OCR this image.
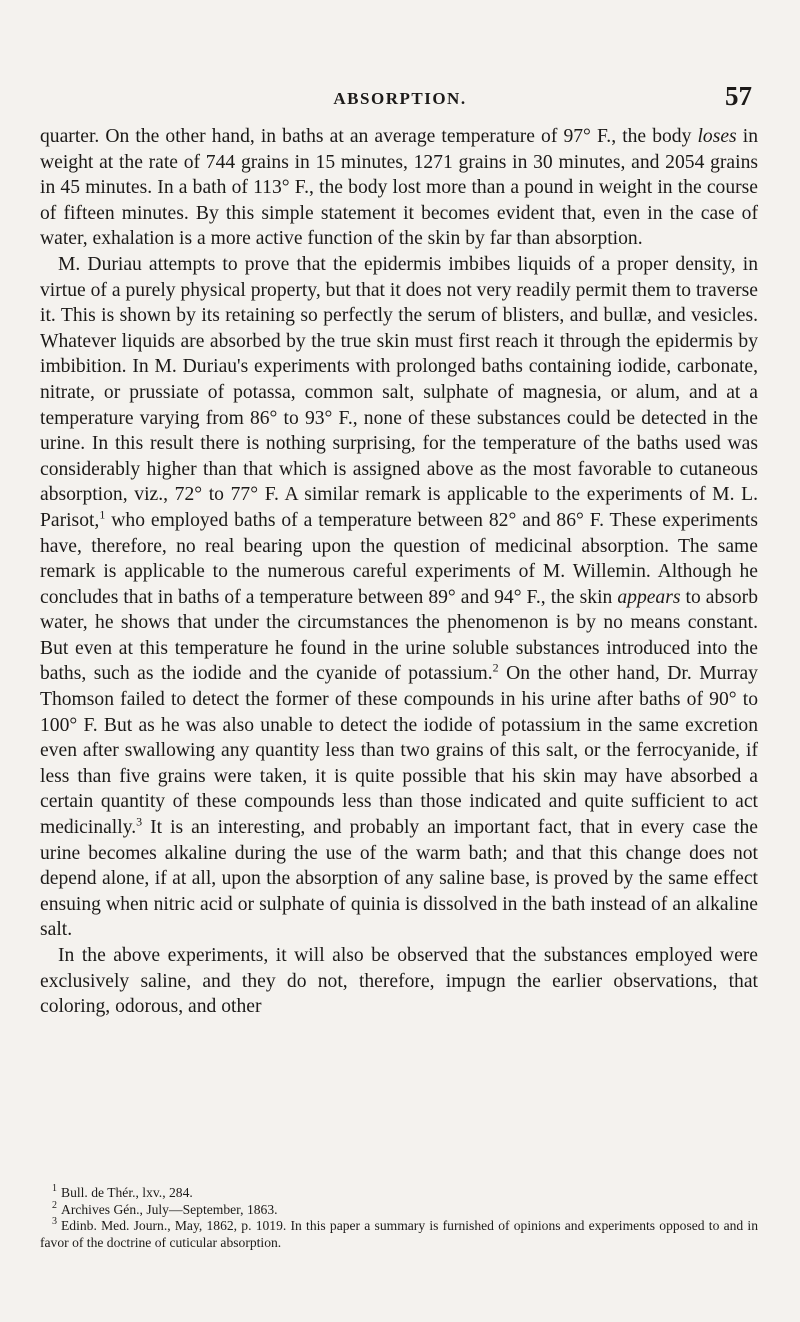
ABSORPTION.	57

quarter. On the other hand, in baths at an average temperature of 97° F., the body loses in weight at the rate of 744 grains in 15 minutes, 1271 grains in 30 minutes, and 2054 grains in 45 minutes. In a bath of 113° F., the body lost more than a pound in weight in the course of fifteen minutes. By this simple statement it becomes evident that, even in the case of water, exhalation is a more active function of the skin by far than absorption.

M. Duriau attempts to prove that the epidermis imbibes liquids of a proper density, in virtue of a purely physical property, but that it does not very readily permit them to traverse it. This is shown by its retaining so perfectly the serum of blisters, and bullæ, and vesicles. Whatever liquids are absorbed by the true skin must first reach it through the epidermis by imbibition. In M. Duriau's experiments with prolonged baths containing iodide, carbonate, nitrate, or prussiate of potassa, common salt, sulphate of magnesia, or alum, and at a temperature varying from 86° to 93° F., none of these substances could be detected in the urine. In this result there is nothing surprising, for the temperature of the baths used was considerably higher than that which is assigned above as the most favorable to cutaneous absorption, viz., 72° to 77° F. A similar remark is applicable to the experiments of M. L. Parisot,$^1$ who employed baths of a temperature between 82° and 86° F. These experiments have, therefore, no real bearing upon the question of medicinal absorption. The same remark is applicable to the numerous careful experiments of M. Willemin. Although he concludes that in baths of a temperature between 89° and 94° F., the skin appears to absorb water, he shows that under the circumstances the phenomenon is by no means constant. But even at this temperature he found in the urine soluble substances introduced into the baths, such as the iodide and the cyanide of potassium.$^2$ On the other hand, Dr. Murray Thomson failed to detect the former of these compounds in his urine after baths of 90° to 100° F. But as he was also unable to detect the iodide of potassium in the same excretion even after swallowing any quantity less than two grains of this salt, or the ferrocyanide, if less than five grains were taken, it is quite possible that his skin may have absorbed a certain quantity of these compounds less than those indicated and quite sufficient to act medicinally.$^3$ It is an interesting, and probably an important fact, that in every case the urine becomes alkaline during the use of the warm bath; and that this change does not depend alone, if at all, upon the absorption of any saline base, is proved by the same effect ensuing when nitric acid or sulphate of quinia is dissolved in the bath instead of an alkaline salt.

In the above experiments, it will also be observed that the substances employed were exclusively saline, and they do not, therefore, impugn the earlier observations, that coloring, odorous, and other

$^1$ Bull. de Thér., lxv., 284.

$^2$ Archives Gén., July—September, 1863.

$^3$ Edinb. Med. Journ., May, 1862, p. 1019. In this paper a summary is furnished of opinions and experiments opposed to and in favor of the doctrine of cuticular absorption.
